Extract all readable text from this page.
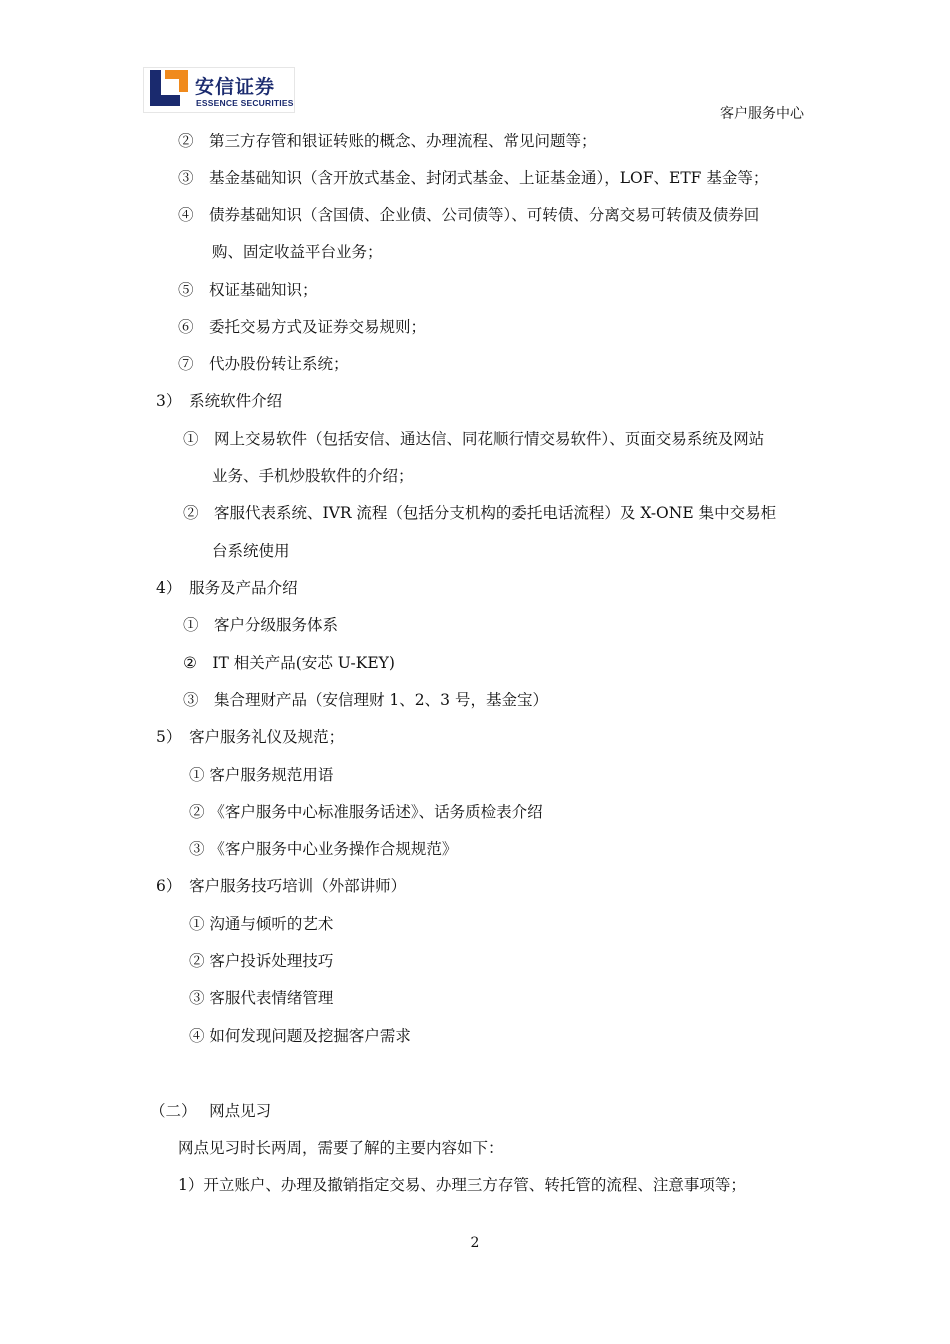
安信证券
ESSENCE SECURITIES
客户服务中心
②　第三方存管和银证转账的概念、办理流程、常见问题等；
③　基金基础知识（含开放式基金、封闭式基金、上证基金通），LOF、ETF 基金等；
④　债券基础知识（含国债、企业债、公司债等）、可转债、分离交易可转债及债券回
购、固定收益平台业务；
⑤　权证基础知识；
⑥　委托交易方式及证券交易规则；
⑦　代办股份转让系统；
3）　系统软件介绍
①　网上交易软件（包括安信、通达信、同花顺行情交易软件）、页面交易系统及网站
业务、手机炒股软件的介绍；
②　客服代表系统、IVR 流程（包括分支机构的委托电话流程）及 X-ONE 集中交易柜
台系统使用
4）　服务及产品介绍
①　客户分级服务体系
②　IT 相关产品(安芯 U-KEY)
③　集合理财产品（安信理财 1、2、3 号，基金宝）
5）　客户服务礼仪及规范；
① 客户服务规范用语
② 《客户服务中心标准服务话述》、话务质检表介绍
③ 《客户服务中心业务操作合规规范》
6）　客户服务技巧培训（外部讲师）
① 沟通与倾听的艺术
② 客户投诉处理技巧
③ 客服代表情绪管理
④ 如何发现问题及挖掘客户需求
（二）　 网点见习
网点见习时长两周，需要了解的主要内容如下：
1）开立账户、办理及撤销指定交易、办理三方存管、转托管的流程、注意事项等；
2
